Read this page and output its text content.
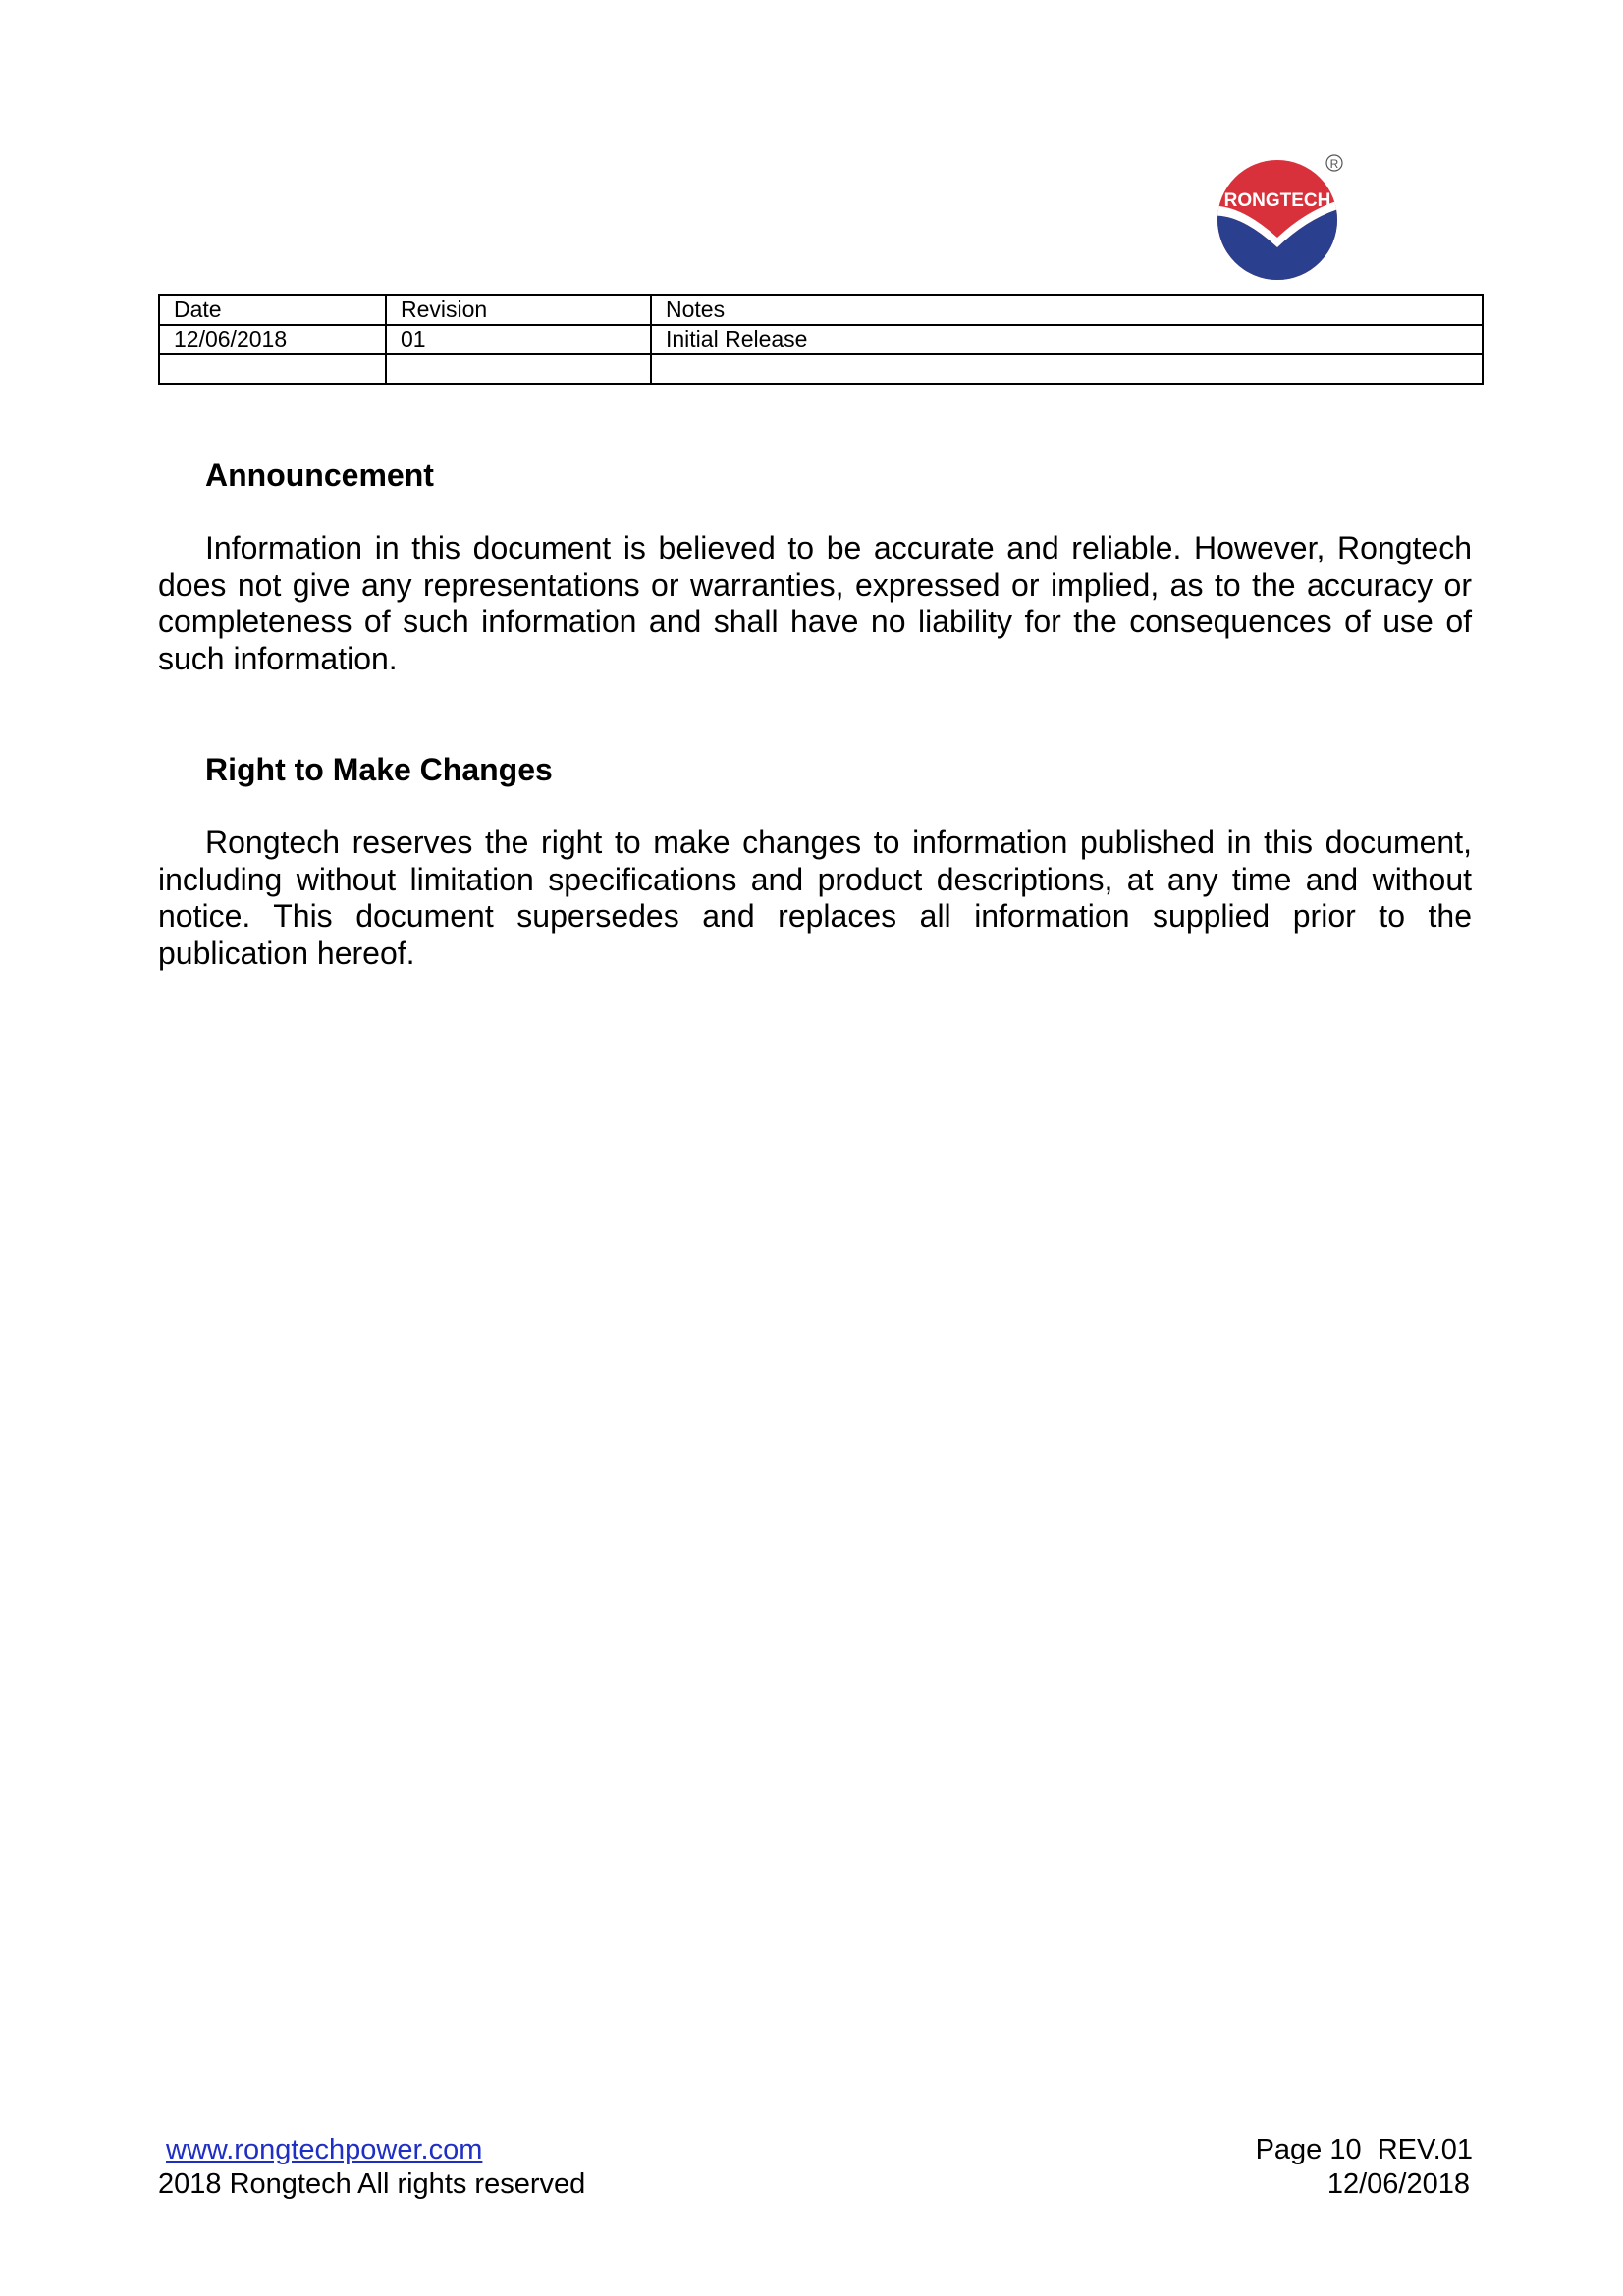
RONGTECH
R
Date	Revision	Notes
12/06/2018	01	Initial Release

Announcement

Information in this document is believed to be accurate and reliable. However, Rongtech does not give any representations or warranties, expressed or implied, as to the accuracy or completeness of such information and shall have no liability for the consequences of use of such information.

Right to Make Changes

Rongtech reserves the right to make changes to information published in this document, including without limitation specifications and product descriptions, at any time and without notice. This document supersedes and replaces all information supplied prior to the publication hereof.

www.rongtechpower.com

2018 Rongtech All rights reserved

Page 10  REV.01

12/06/2018
